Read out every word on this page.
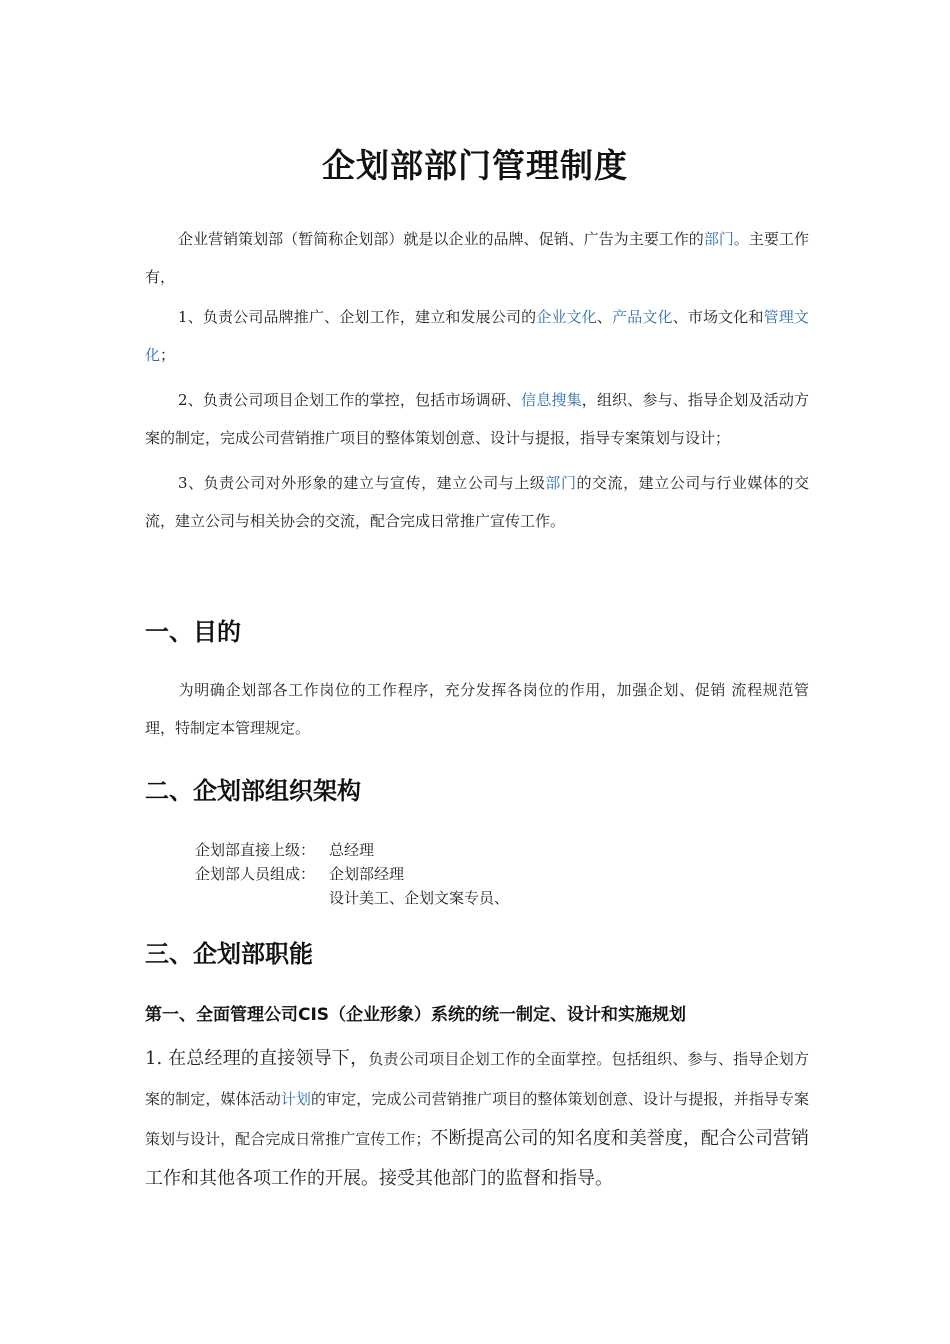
企划部部门管理制度
企业营销策划部（暂简称企划部）就是以企业的品牌、促销、广告为主要工作的部门。主要工作有，
1、负责公司品牌推广、企划工作，建立和发展公司的企业文化、产品文化、市场文化和管理文化；
2、负责公司项目企划工作的掌控，包括市场调研、信息搜集，组织、参与、指导企划及活动方案的制定，完成公司营销推广项目的整体策划创意、设计与提报，指导专案策划与设计；
3、负责公司对外形象的建立与宣传，建立公司与上级部门的交流，建立公司与行业媒体的交流，建立公司与相关协会的交流，配合完成日常推广宣传工作。
一、目的
为明确企划部各工作岗位的工作程序，充分发挥各岗位的作用，加强企划、促销 流程规范管理，特制定本管理规定。
二、企划部组织架构
企划部直接上级： 总经理
企划部人员组成： 企划部经理
设计美工、企划文案专员、
三、企划部职能
第一、全面管理公司CIS（企业形象）系统的统一制定、设计和实施规划
1. 在总经理的直接领导下，负责公司项目企划工作的全面掌控。包括组织、参与、指导企划方案的制定，媒体活动计划的审定，完成公司营销推广项目的整体策划创意、设计与提报，并指导专案策划与设计，配合完成日常推广宣传工作；不断提高公司的知名度和美誉度，配合公司营销工作和其他各项工作的开展。接受其他部门的监督和指导。
